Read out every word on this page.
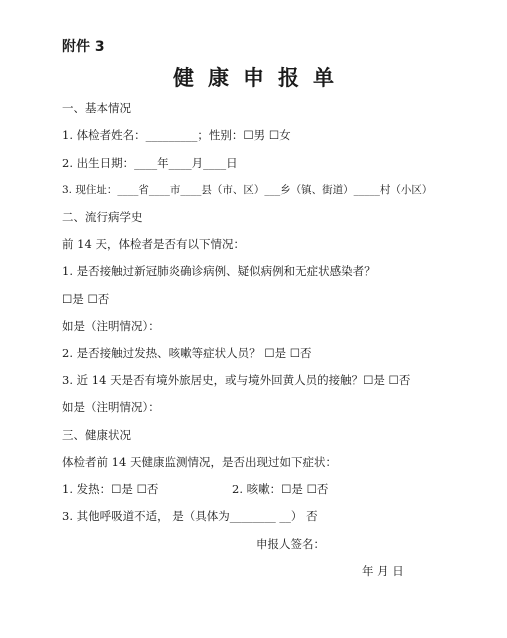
附件 3
健康申报单
一、基本情况
1. 体检者姓名：_________；性别：☐男 ☐女
2. 出生日期：____年____月____日
3. 现住址：____省____市____县（市、区）___乡（镇、街道）_____村（小区）
二、流行病学史
前 14 天，体检者是否有以下情况：
1. 是否接触过新冠肺炎确诊病例、疑似病例和无症状感染者？
☐是 ☐否
如是（注明情况）：
2. 是否接触过发热、咳嗽等症状人员？ ☐是 ☐否
3. 近 14 天是否有境外旅居史，或与境外回黄人员的接触？☐是 ☐否
如是（注明情况）：
三、健康状况
体检者前 14 天健康监测情况，是否出现过如下症状：
1. 发热：☐是 ☐否	2. 咳嗽：☐是 ☐否
3. 其他呼吸道不适， 是（具体为________ __） 否
申报人签名：
年 月 日
